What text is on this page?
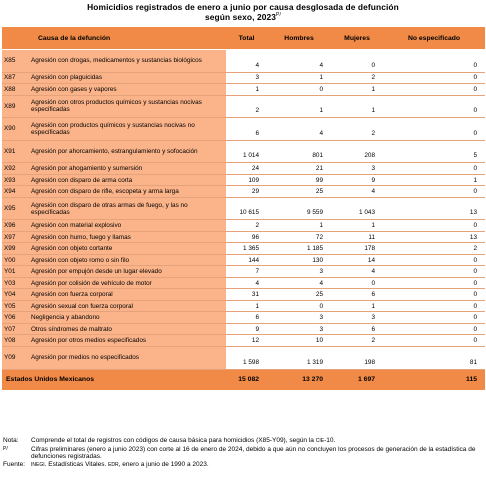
Homicidios registrados de enero a junio por causa desglosada de defunción
según sexo, $2023^{P/}$
Causa de la defunción		Total	Hombres	Mujeres	No especificado
X85	Agresión con drogas, medicamentos y sustancias biológicos	4	4	0	0
X87	Agresión con plaguicidas	3	1	2	0
X88	Agresión con gases y vapores	1	0	1	0
X89	Agresión con otros productos químicos y sustancias nocivas especificadas	2	1	1	0
X90	Agresión con productos químicos y sustancias nocivas no especificadas	6	4	2	0
X91	Agresión por ahorcamiento, estrangulamiento y sofocación	1 014	801	208	5
X92	Agresión por ahogamiento y sumersión	24	21	3	0
X93	Agresión con disparo de arma corta	109	99	9	1
X94	Agresión con disparo de rifle, escopeta y arma larga	29	25	4	0
X95	Agresión con disparo de otras armas de fuego, y las no especificadas	10 615	9 559	1 043	13
X96	Agresión con material explosivo	2	1	1	0
X97	Agresión con humo, fuego y llamas	96	72	11	13
X99	Agresión con objeto cortante	1 365	1 185	178	2
Y00	Agresión con objeto romo o sin filo	144	130	14	0
Y01	Agresión por empujón desde un lugar elevado	7	3	4	0
Y03	Agresión por colisión de vehículo de motor	4	4	0	0
Y04	Agresión con fuerza corporal	31	25	6	0
Y05	Agresión sexual con fuerza corporal	1	0	1	0
Y06	Negligencia y abandono	6	3	3	0
Y07	Otros síndromes de maltrato	9	3	6	0
Y08	Agresión por otros medios especificados	12	10	2	0
Y09	Agresión por medios no especificados	1 598	1 319	198	81
Estados Unidos Mexicanos		15 082	13 270	1 697	115
Nota:	Comprende el total de registros con códigos de causa básica para homicidios (X85-Y09), según la CIE-10.
P/	Cifras preliminares (enero a junio 2023) con corte al 16 de enero de 2024, debido a que aún no concluyen los procesos de generación de la estadística de defunciones registradas.
Fuente:	INEGI. Estadísticas Vitales. EDR, enero a junio de 1990 a 2023.
